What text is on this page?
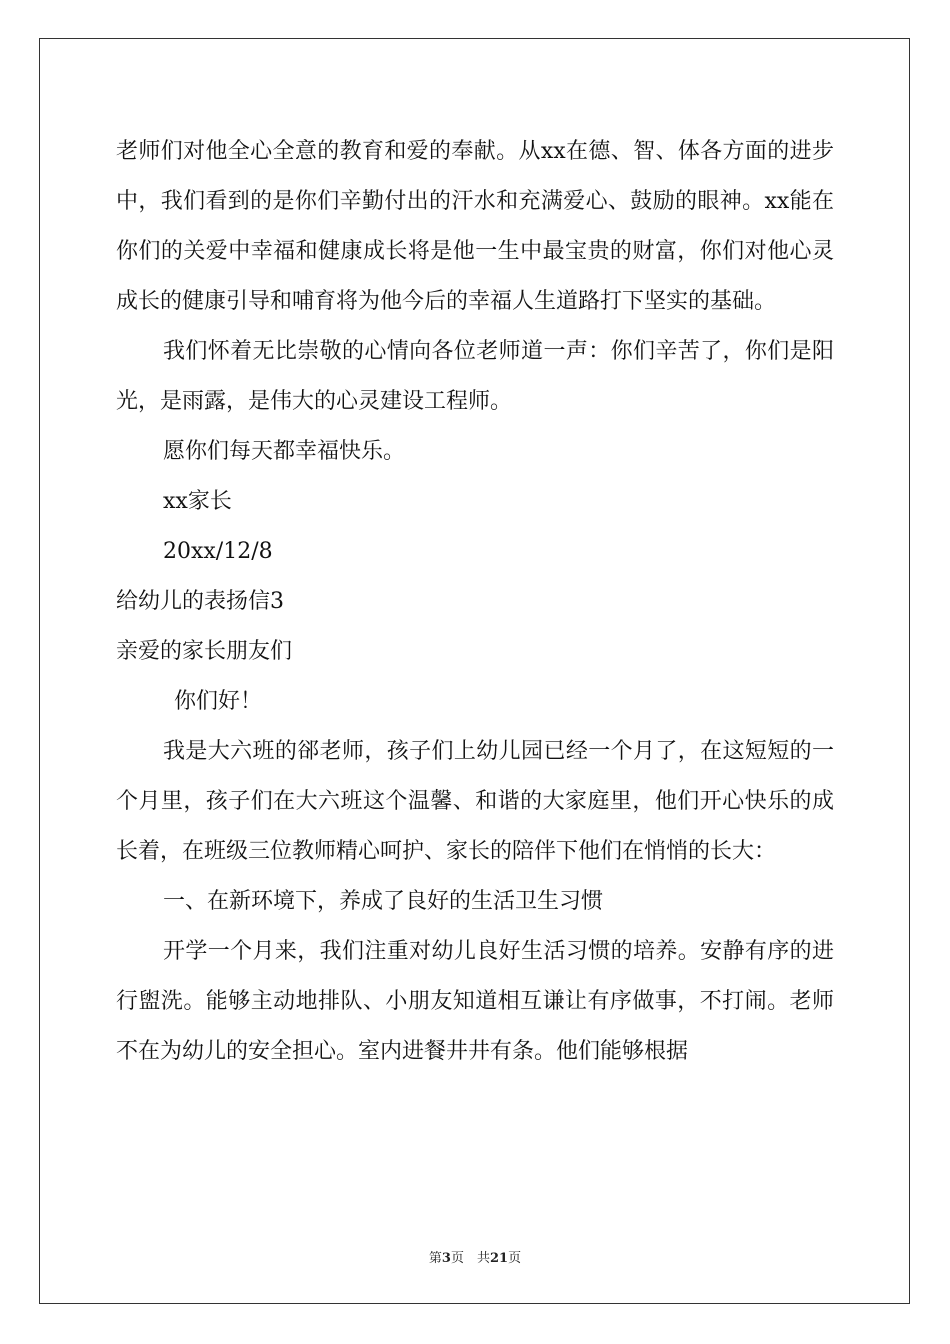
老师们对他全心全意的教育和爱的奉献。从xx在德、智、体各方面的进步中，我们看到的是你们辛勤付出的汗水和充满爱心、鼓励的眼神。xx能在你们的关爱中幸福和健康成长将是他一生中最宝贵的财富，你们对他心灵成长的健康引导和哺育将为他今后的幸福人生道路打下坚实的基础。

我们怀着无比崇敬的心情向各位老师道一声：你们辛苦了，你们是阳光，是雨露，是伟大的心灵建设工程师。

愿你们每天都幸福快乐。

xx家长

20xx/12/8

给幼儿的表扬信3

亲爱的家长朋友们

你们好！

我是大六班的郤老师，孩子们上幼儿园已经一个月了，在这短短的一个月里，孩子们在大六班这个温馨、和谐的大家庭里，他们开心快乐的成长着，在班级三位教师精心呵护、家长的陪伴下他们在悄悄的长大：

一、在新环境下，养成了良好的生活卫生习惯

开学一个月来，我们注重对幼儿良好生活习惯的培养。安静有序的进行盥洗。能够主动地排队、小朋友知道相互谦让有序做事，不打闹。老师不在为幼儿的安全担心。室内进餐井井有条。他们能够根据

第3页　共21页
